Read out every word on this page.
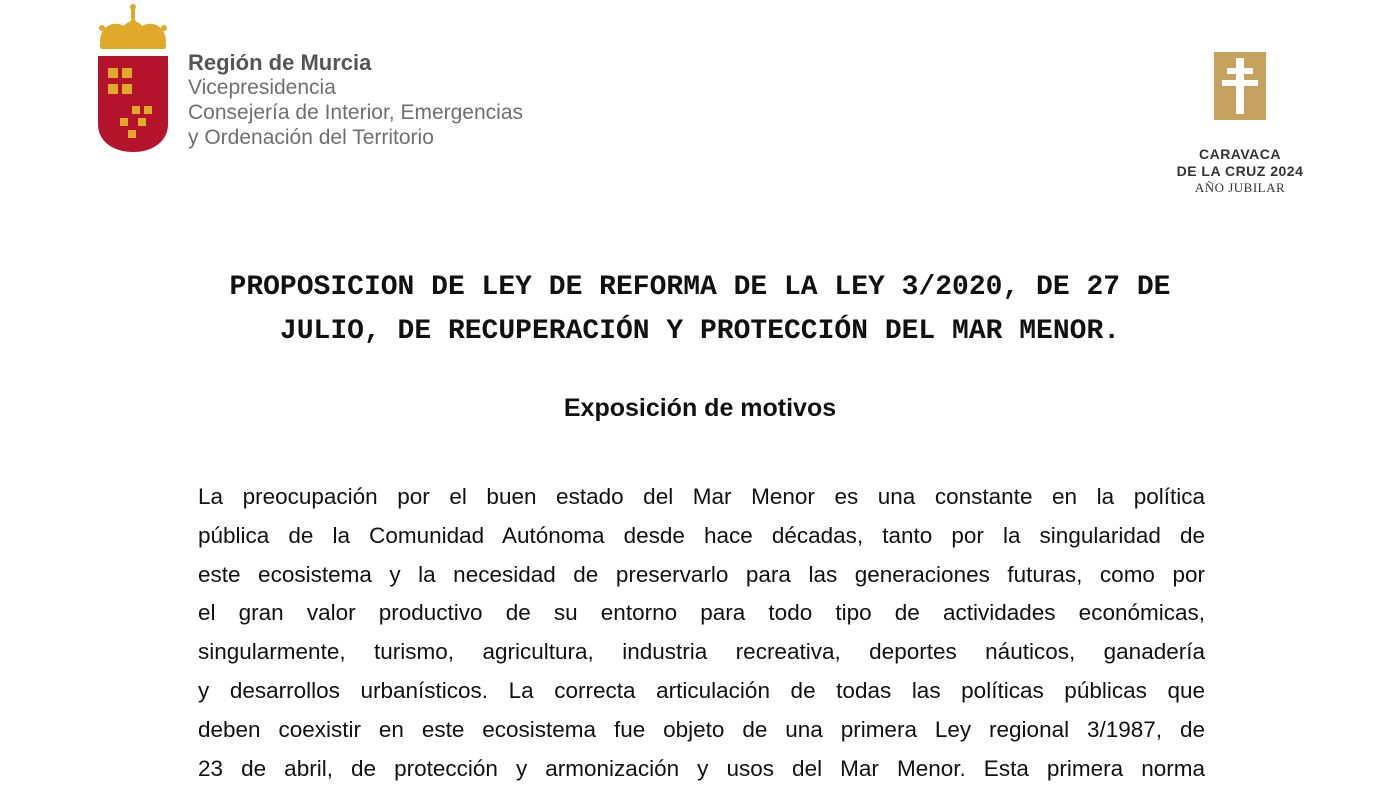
Región de Murcia
Vicepresidencia
Consejería de Interior, Emergencias
y Ordenación del Territorio
CARAVACA
DE LA CRUZ 2024
AÑO JUBILAR
PROPOSICION DE LEY DE REFORMA DE LA LEY 3/2020, DE 27 DE
JULIO, DE RECUPERACIÓN Y PROTECCIÓN DEL MAR MENOR.
Exposición de motivos
La preocupación por el buen estado del Mar Menor es una constante en la política
pública de la Comunidad Autónoma desde hace décadas, tanto por la singularidad de
este ecosistema y la necesidad de preservarlo para las generaciones futuras, como por
el gran valor productivo de su entorno para todo tipo de actividades económicas,
singularmente, turismo, agricultura, industria recreativa, deportes náuticos, ganadería
y desarrollos urbanísticos. La correcta articulación de todas las políticas públicas que
deben coexistir en este ecosistema fue objeto de una primera Ley regional 3/1987, de
23 de abril, de protección y armonización y usos del Mar Menor. Esta primera norma
